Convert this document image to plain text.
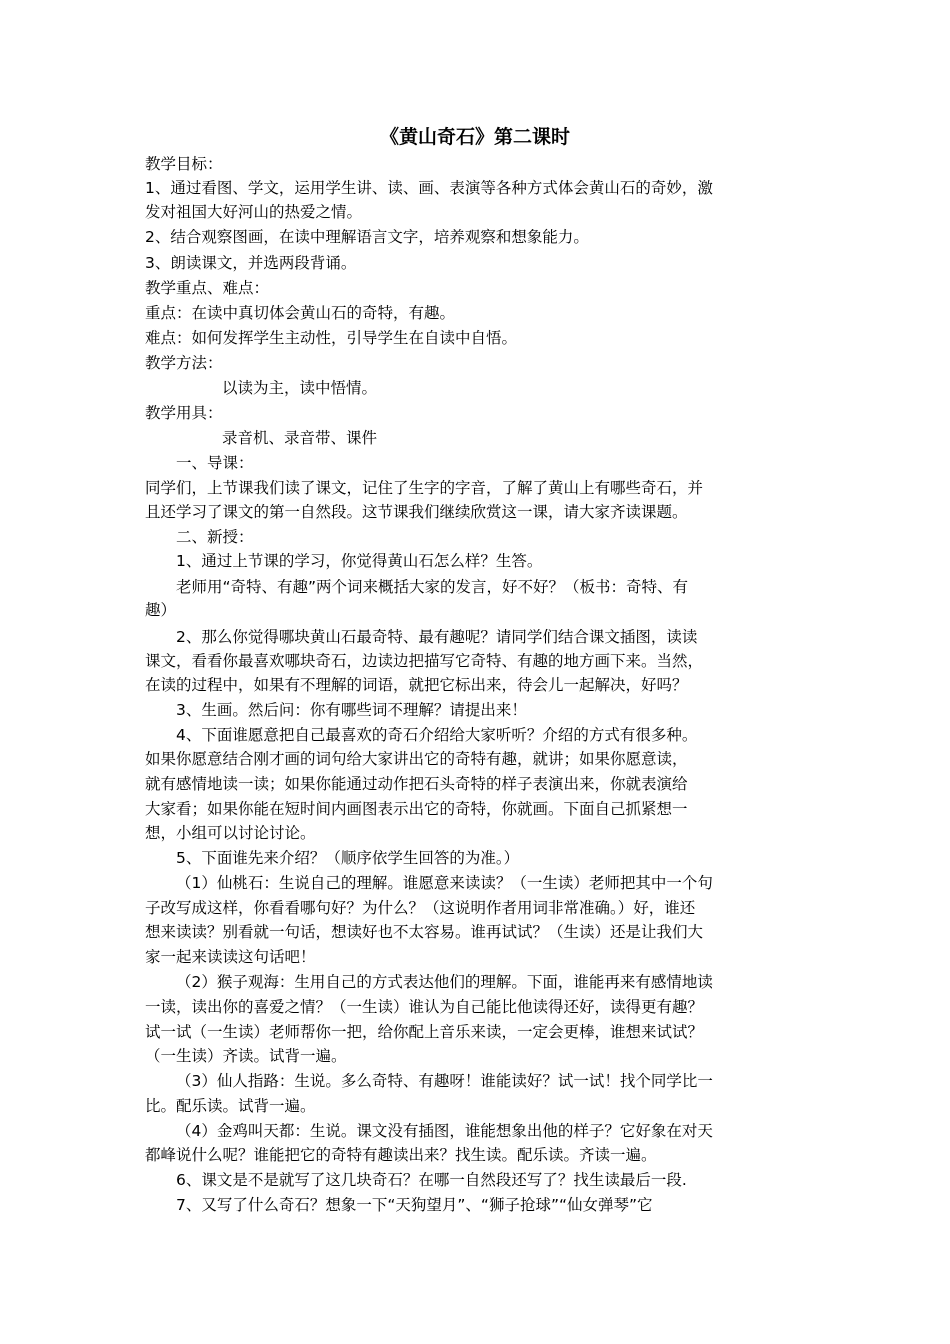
《黄山奇石》第二课时
教学目标：
1、通过看图、学文，运用学生讲、读、画、表演等各种方式体会黄山石的奇妙，激
发对祖国大好河山的热爱之情。
2、结合观察图画，在读中理解语言文字，培养观察和想象能力。
3、朗读课文，并选两段背诵。
教学重点、难点：
重点：在读中真切体会黄山石的奇特，有趣。
难点：如何发挥学生主动性，引导学生在自读中自悟。
教学方法：
以读为主，读中悟情。
教学用具：
录音机、录音带、课件
一、导课：
同学们，上节课我们读了课文，记住了生字的字音，了解了黄山上有哪些奇石，并
且还学习了课文的第一自然段。这节课我们继续欣赏这一课，请大家齐读课题。
二、新授：
1、通过上节课的学习，你觉得黄山石怎么样？生答。
老师用“奇特、有趣”两个词来概括大家的发言，好不好？（板书：奇特、有
趣）
2、那么你觉得哪块黄山石最奇特、最有趣呢？请同学们结合课文插图，读读
课文，看看你最喜欢哪块奇石，边读边把描写它奇特、有趣的地方画下来。当然，
在读的过程中，如果有不理解的词语，就把它标出来，待会儿一起解决，好吗？
3、生画。然后问：你有哪些词不理解？请提出来！
4、下面谁愿意把自己最喜欢的奇石介绍给大家听听？介绍的方式有很多种。
如果你愿意结合刚才画的词句给大家讲出它的奇特有趣，就讲；如果你愿意读，
就有感情地读一读；如果你能通过动作把石头奇特的样子表演出来，你就表演给
大家看；如果你能在短时间内画图表示出它的奇特，你就画。下面自己抓紧想一
想，小组可以讨论讨论。
5、下面谁先来介绍？（顺序依学生回答的为准。）
（1）仙桃石：生说自己的理解。谁愿意来读读？（一生读）老师把其中一个句
子改写成这样，你看看哪句好？为什么？（这说明作者用词非常准确。）好，谁还
想来读读？别看就一句话，想读好也不太容易。谁再试试？（生读）还是让我们大
家一起来读读这句话吧！
（2）猴子观海：生用自己的方式表达他们的理解。下面，谁能再来有感情地读
一读，读出你的喜爱之情？（一生读）谁认为自己能比他读得还好，读得更有趣？
试一试（一生读）老师帮你一把，给你配上音乐来读，一定会更棒，谁想来试试？
（一生读）齐读。试背一遍。
（3）仙人指路：生说。多么奇特、有趣呀！谁能读好？试一试！找个同学比一
比。配乐读。试背一遍。
（4）金鸡叫天都：生说。课文没有插图，谁能想象出他的样子？它好象在对天
都峰说什么呢？谁能把它的奇特有趣读出来？找生读。配乐读。齐读一遍。
6、课文是不是就写了这几块奇石？在哪一自然段还写了？找生读最后一段.
7、又写了什么奇石？想象一下“天狗望月”、“狮子抢球”“仙女弹琴”它
